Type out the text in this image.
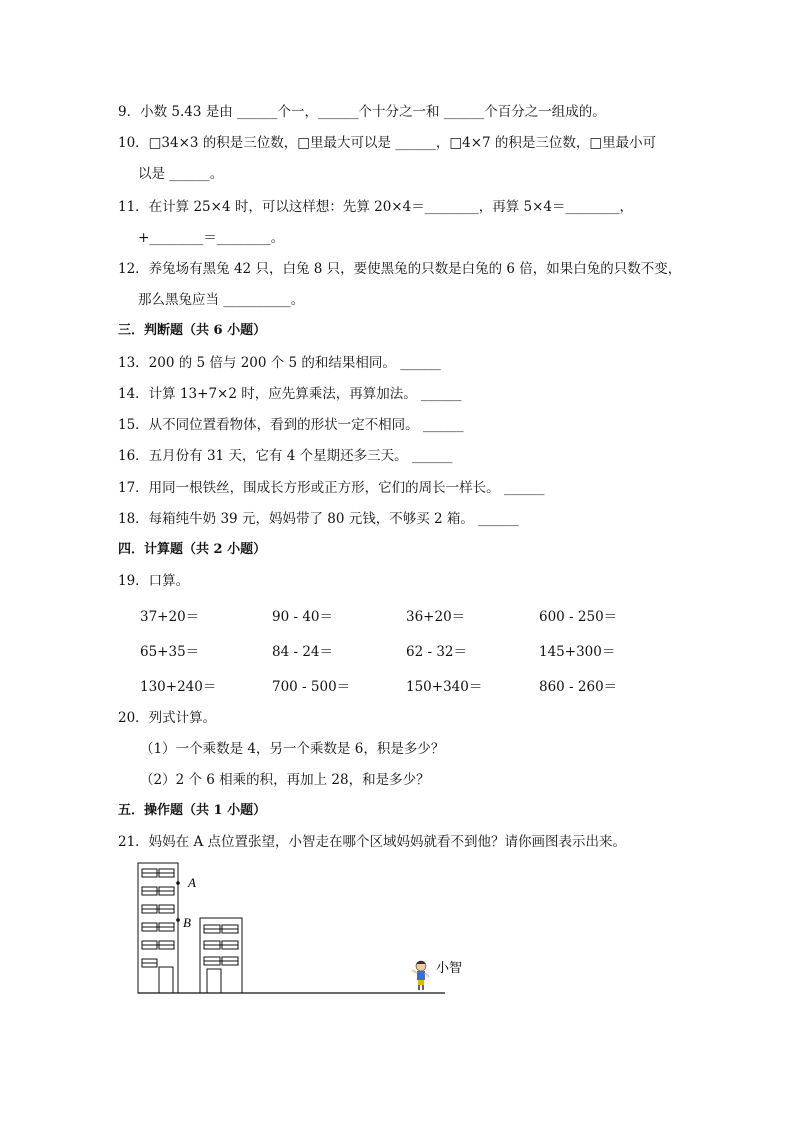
9．小数 5.43 是由 ______个一，______个十分之一和 ______个百分之一组成的。
10．□34×3 的积是三位数，□里最大可以是 ______，□4×7 的积是三位数，□里最小可
以是 ______。
11．在计算 25×4 时，可以这样想：先算 20×4＝________，再算 5×4＝________，
+________＝________。
12．养兔场有黑兔 42 只，白兔 8 只，要使黑兔的只数是白兔的 6 倍，如果白兔的只数不变，
那么黑兔应当 __________。
三．判断题（共 6 小题）
13．200 的 5 倍与 200 个 5 的和结果相同。 ______
14．计算 13+7×2 时，应先算乘法，再算加法。 ______
15．从不同位置看物体，看到的形状一定不相同。 ______
16．五月份有 31 天，它有 4 个星期还多三天。 ______
17．用同一根铁丝，围成长方形或正方形，它们的周长一样长。 ______
18．每箱纯牛奶 39 元，妈妈带了 80 元钱，不够买 2 箱。 ______
四．计算题（共 2 小题）
19．口算。
37+20＝	90 - 40＝	36+20＝	600 - 250＝
65+35＝	84 - 24＝	62 - 32＝	145+300＝
130+240＝	700 - 500＝	150+340＝	860 - 260＝
20．列式计算。
（1）一个乘数是 4，另一个乘数是 6，积是多少？
（2）2 个 6 相乘的积，再加上 28，和是多少？
五．操作题（共 1 小题）
21．妈妈在 A 点位置张望，小智走在哪个区域妈妈就看不到他？请你画图表示出来。
A
B
小智
